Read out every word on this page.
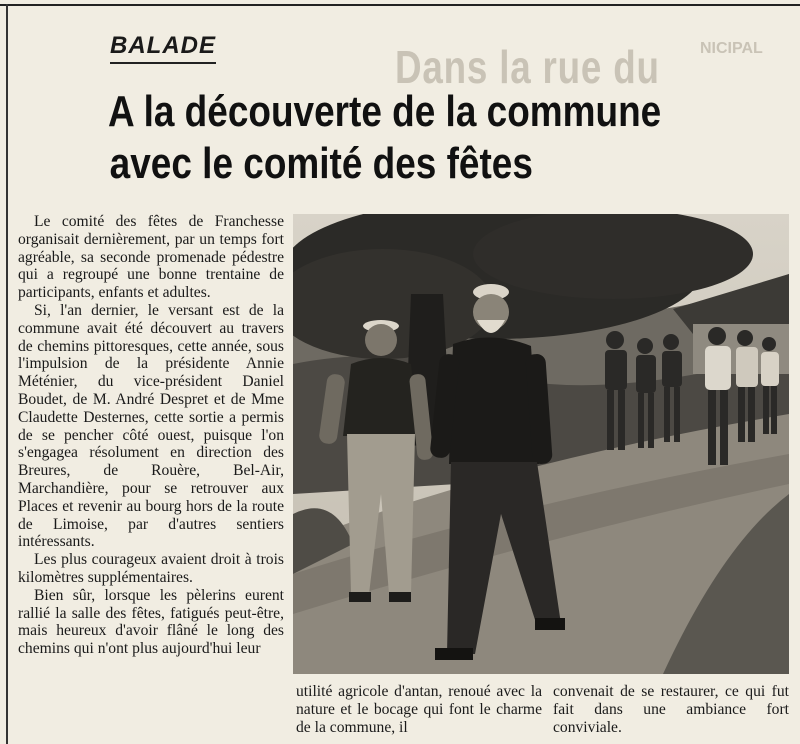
Dans la rue du	NICIPAL
BALADE
A la découverte de la commune
avec le comité des fêtes

Le comité des fêtes de Franchesse organisait dernièrement, par un temps fort agréable, sa seconde promenade pédestre qui a regroupé une bonne trentaine de participants, enfants et adultes.

Si, l'an dernier, le versant est de la commune avait été découvert au travers de chemins pittoresques, cette année, sous l'impulsion de la présidente Annie Méténier, du vice-président Daniel Boudet, de M. André Despret et de Mme Claudette Desternes, cette sortie a permis de se pencher côté ouest, puisque l'on s'engagea résolument en direction des Breures, de Rouère, Bel-Air, Marchandière, pour se retrouver aux Places et revenir au bourg hors de la route de Limoise, par d'autres sentiers intéressants.

Les plus courageux avaient droit à trois kilomètres supplémentaires.

Bien sûr, lorsque les pèlerins eurent rallié la salle des fêtes, fatigués peut-être, mais heureux d'avoir flâné le long des chemins qui n'ont plus aujourd'hui leur

utilité agricole d'antan, renoué avec la nature et le bocage qui font le charme de la commune, il

convenait de se restaurer, ce qui fut fait dans une ambiance fort conviviale.
